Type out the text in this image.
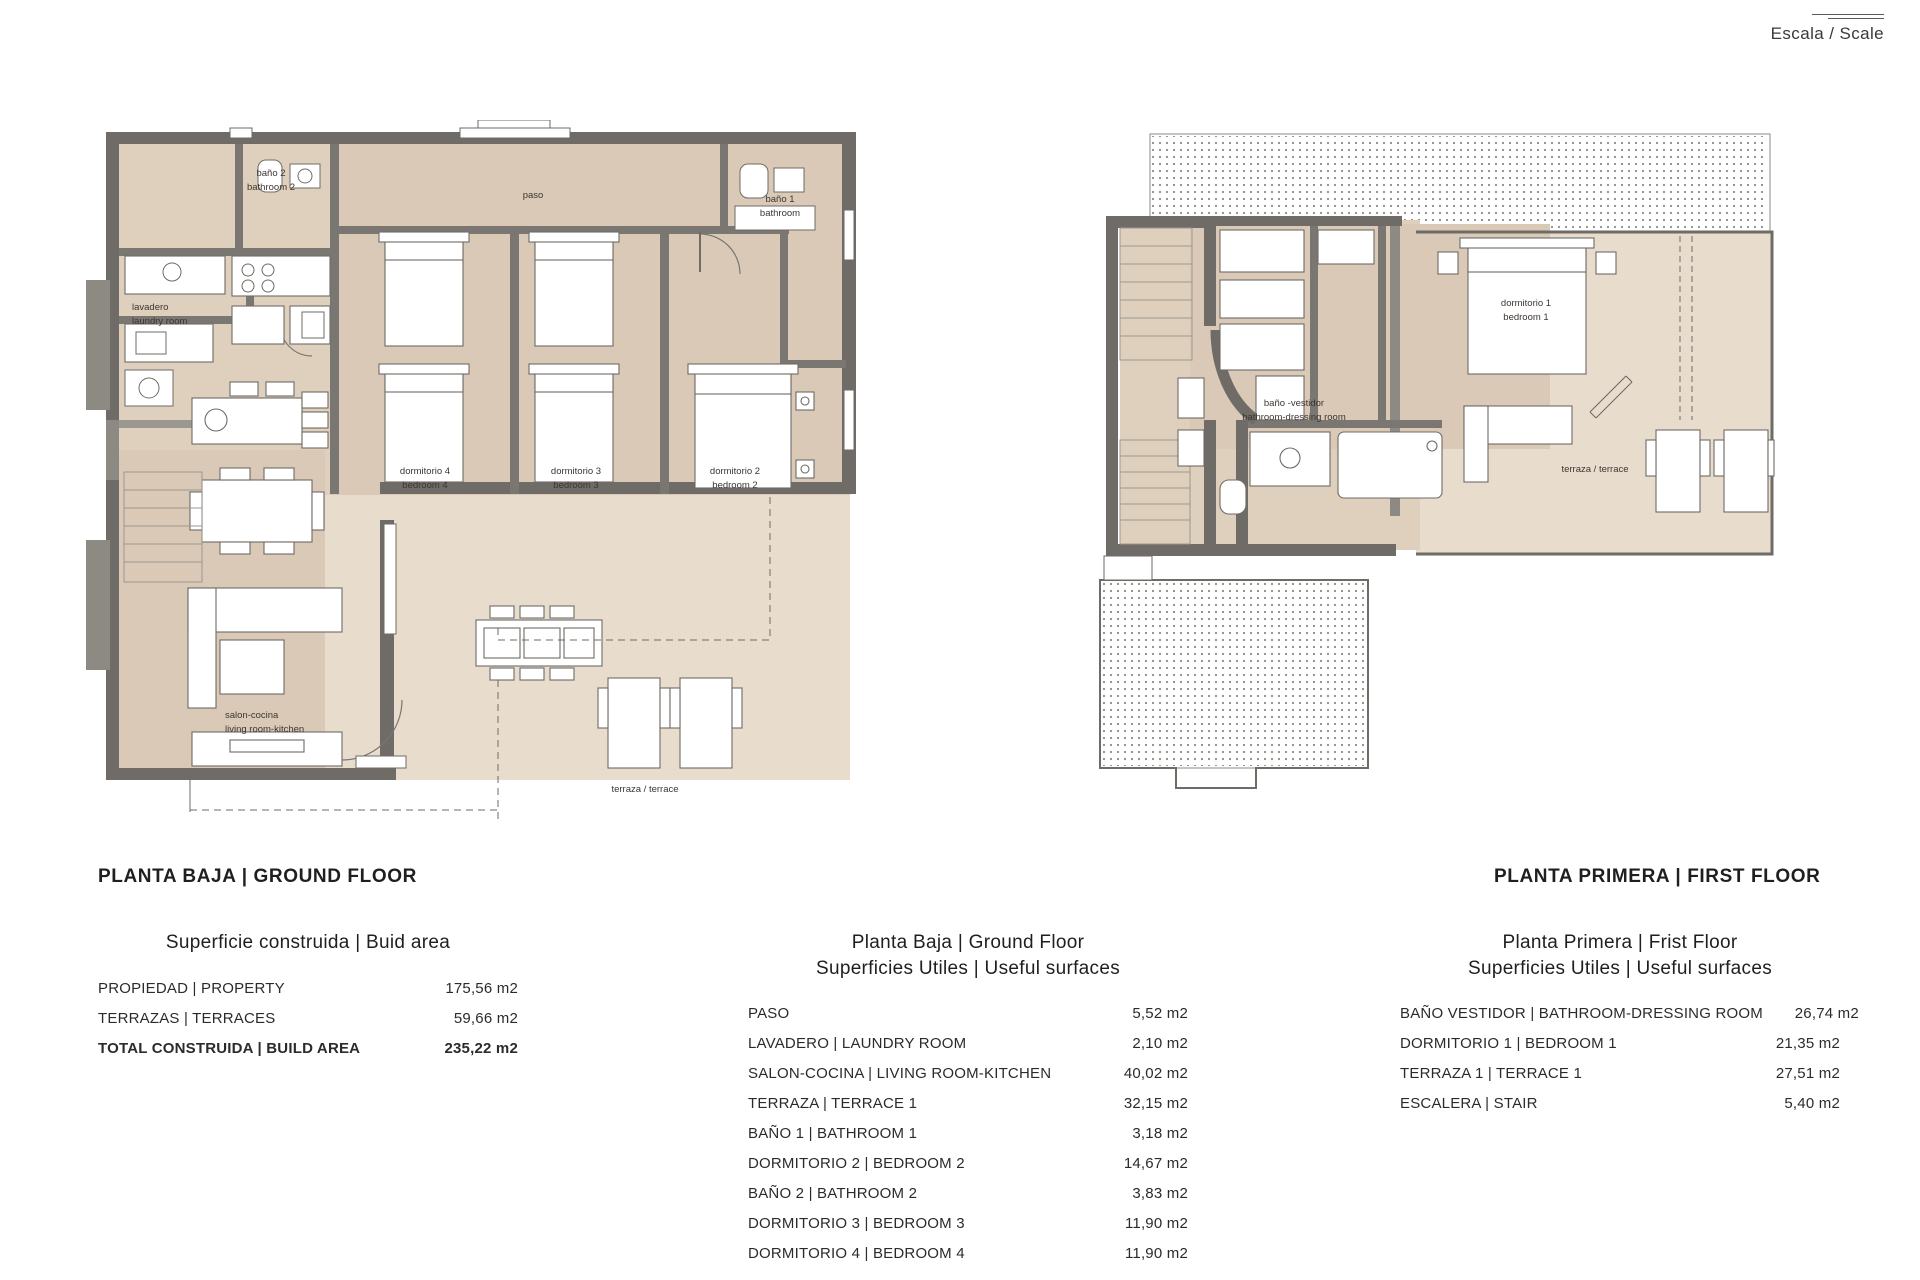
Escala / Scale
baño 2
bathroom 2
paso	baño 1
bathroom
lavadero
laundry room
dormitorio 4
bedroom 4
dormitorio 3
bedroom 3
dormitorio 2
bedroom 2
salon-cocina
living room-kitchen
terraza / terrace
PLANTA BAJA | GROUND FLOOR
dormitorio 1
bedroom 1
baño -vestidor
bathroom-dressing room
terraza / terrace
PLANTA PRIMERA | FIRST FLOOR
Superficie construida | Buid area
PROPIEDAD | PROPERTY	175,56 m2
TERRAZAS | TERRACES	59,66 m2
TOTAL CONSTRUIDA | BUILD AREA	235,22 m2
Planta Baja | Ground Floor
Superficies Utiles | Useful surfaces
PASO	5,52 m2
LAVADERO | LAUNDRY ROOM	2,10 m2
SALON-COCINA | LIVING ROOM-KITCHEN	40,02 m2
TERRAZA | TERRACE 1	32,15 m2
BAÑO 1 | BATHROOM 1	3,18 m2
DORMITORIO 2 | BEDROOM 2	14,67 m2
BAÑO 2 | BATHROOM 2	3,83 m2
DORMITORIO 3 | BEDROOM 3	11,90 m2
DORMITORIO 4 | BEDROOM 4	11,90 m2
Planta Primera | Frist Floor
Superficies Utiles | Useful surfaces
BAÑO VESTIDOR | BATHROOM-DRESSING ROOM	26,74 m2
DORMITORIO 1 | BEDROOM 1	21,35 m2
TERRAZA 1 | TERRACE 1	27,51 m2
ESCALERA | STAIR	5,40 m2
